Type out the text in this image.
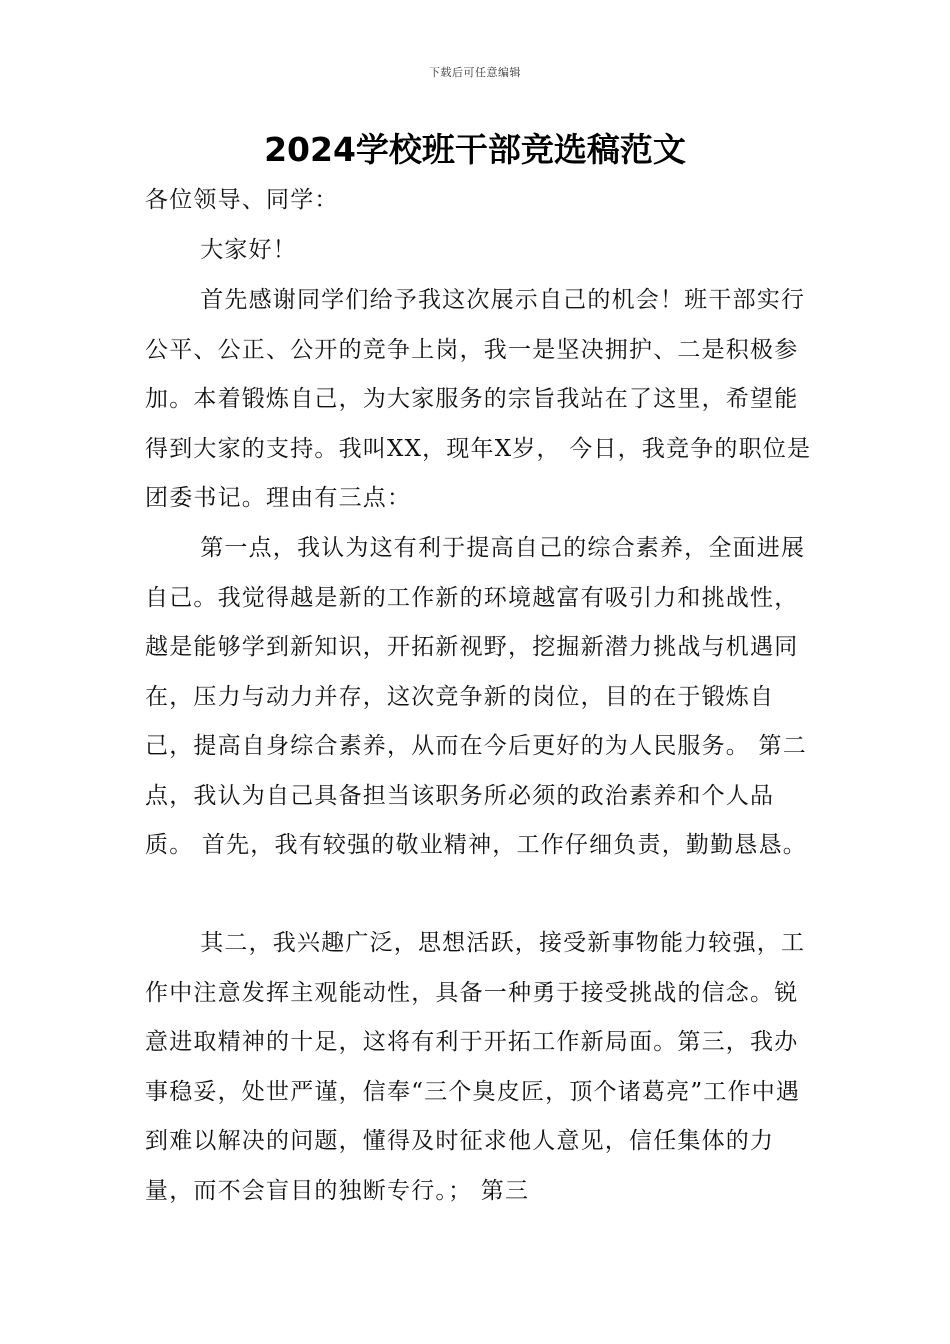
下载后可任意编辑
2024学校班干部竞选稿范文
各位领导、同学：

大家好！

首先感谢同学们给予我这次展示自己的机会！班干部实行公平、公正、公开的竞争上岗，我一是坚决拥护、二是积极参加。本着锻炼自己，为大家服务的宗旨我站在了这里，希望能得到大家的支持。我叫XX，现年X岁， 今日，我竞争的职位是团委书记。理由有三点：

第一点，我认为这有利于提高自己的综合素养，全面进展自己。我觉得越是新的工作新的环境越富有吸引力和挑战性，越是能够学到新知识，开拓新视野，挖掘新潜力挑战与机遇同在，压力与动力并存，这次竞争新的岗位，目的在于锻炼自己，提高自身综合素养，从而在今后更好的为人民服务。 第二点，我认为自己具备担当该职务所必须的政治素养和个人品质。 首先，我有较强的敬业精神，工作仔细负责，勤勤恳恳。

其二，我兴趣广泛，思想活跃，接受新事物能力较强，工作中注意发挥主观能动性，具备一种勇于接受挑战的信念。锐意进取精神的十足，这将有利于开拓工作新局面。第三，我办事稳妥，处世严谨，信奉“三个臭皮匠，顶个诸葛亮”工作中遇到难以解决的问题，懂得及时征求他人意见，信任集体的力量，而不会盲目的独断专行。； 第三
